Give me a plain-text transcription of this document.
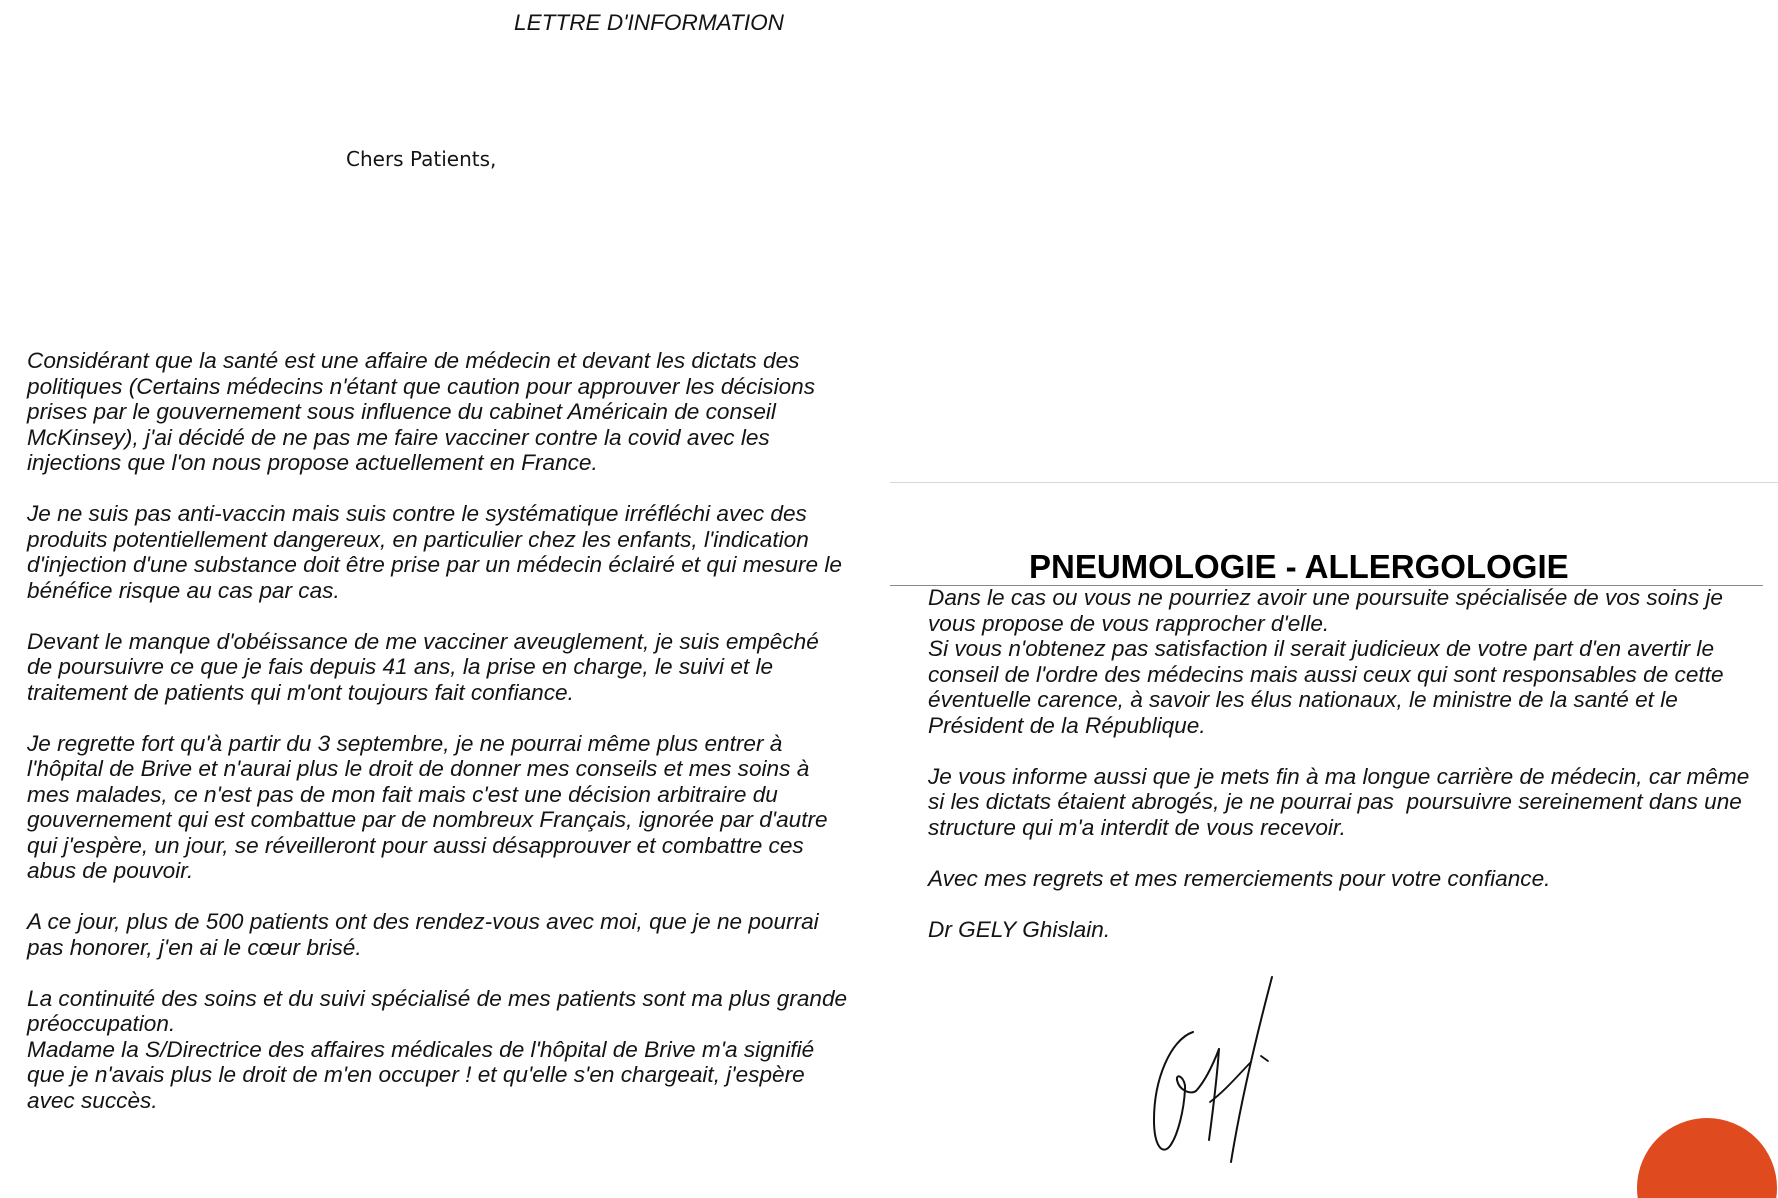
LETTRE D'INFORMATION
Chers Patients,

Considérant que la santé est une affaire de médecin et devant les dictats des
politiques (Certains médecins n'étant que caution pour approuver les décisions
prises par le gouvernement sous influence du cabinet Américain de conseil
McKinsey), j'ai décidé de ne pas me faire vacciner contre la covid avec les
injections que l'on nous propose actuellement en France.

Je ne suis pas anti-vaccin mais suis contre le systématique irréfléchi avec des
produits potentiellement dangereux, en particulier chez les enfants, l'indication
d'injection d'une substance doit être prise par un médecin éclairé et qui mesure le
bénéfice risque au cas par cas.

Devant le manque d'obéissance de me vacciner aveuglement, je suis empêché
de poursuivre ce que je fais depuis 41 ans, la prise en charge, le suivi et le
traitement de patients qui m'ont toujours fait confiance.

Je regrette fort qu'à partir du 3 septembre, je ne pourrai même plus entrer à
l'hôpital de Brive et n'aurai plus le droit de donner mes conseils et mes soins à
mes malades, ce n'est pas de mon fait mais c'est une décision arbitraire du
gouvernement qui est combattue par de nombreux Français, ignorée par d'autre
qui j'espère, un jour, se réveilleront pour aussi désapprouver et combattre ces
abus de pouvoir.

A ce jour, plus de 500 patients ont des rendez-vous avec moi, que je ne pourrai
pas honorer, j'en ai le cœur brisé.

La continuité des soins et du suivi spécialisé de mes patients sont ma plus grande
préoccupation.
Madame la S/Directrice des affaires médicales de l'hôpital de Brive m'a signifié
que je n'avais plus le droit de m'en occuper ! et qu'elle s'en chargeait, j'espère
avec succès.

PNEUMOLOGIE - ALLERGOLOGIE

Dans le cas ou vous ne pourriez avoir une poursuite spécialisée de vos soins je
vous propose de vous rapprocher d'elle.
Si vous n'obtenez pas satisfaction il serait judicieux de votre part d'en avertir le
conseil de l'ordre des médecins mais aussi ceux qui sont responsables de cette
éventuelle carence, à savoir les élus nationaux, le ministre de la santé et le
Président de la République.

Je vous informe aussi que je mets fin à ma longue carrière de médecin, car même
si les dictats étaient abrogés, je ne pourrai pas  poursuivre sereinement dans une
structure qui m'a interdit de vous recevoir.

Avec mes regrets et mes remerciements pour votre confiance.

Dr GELY Ghislain.
